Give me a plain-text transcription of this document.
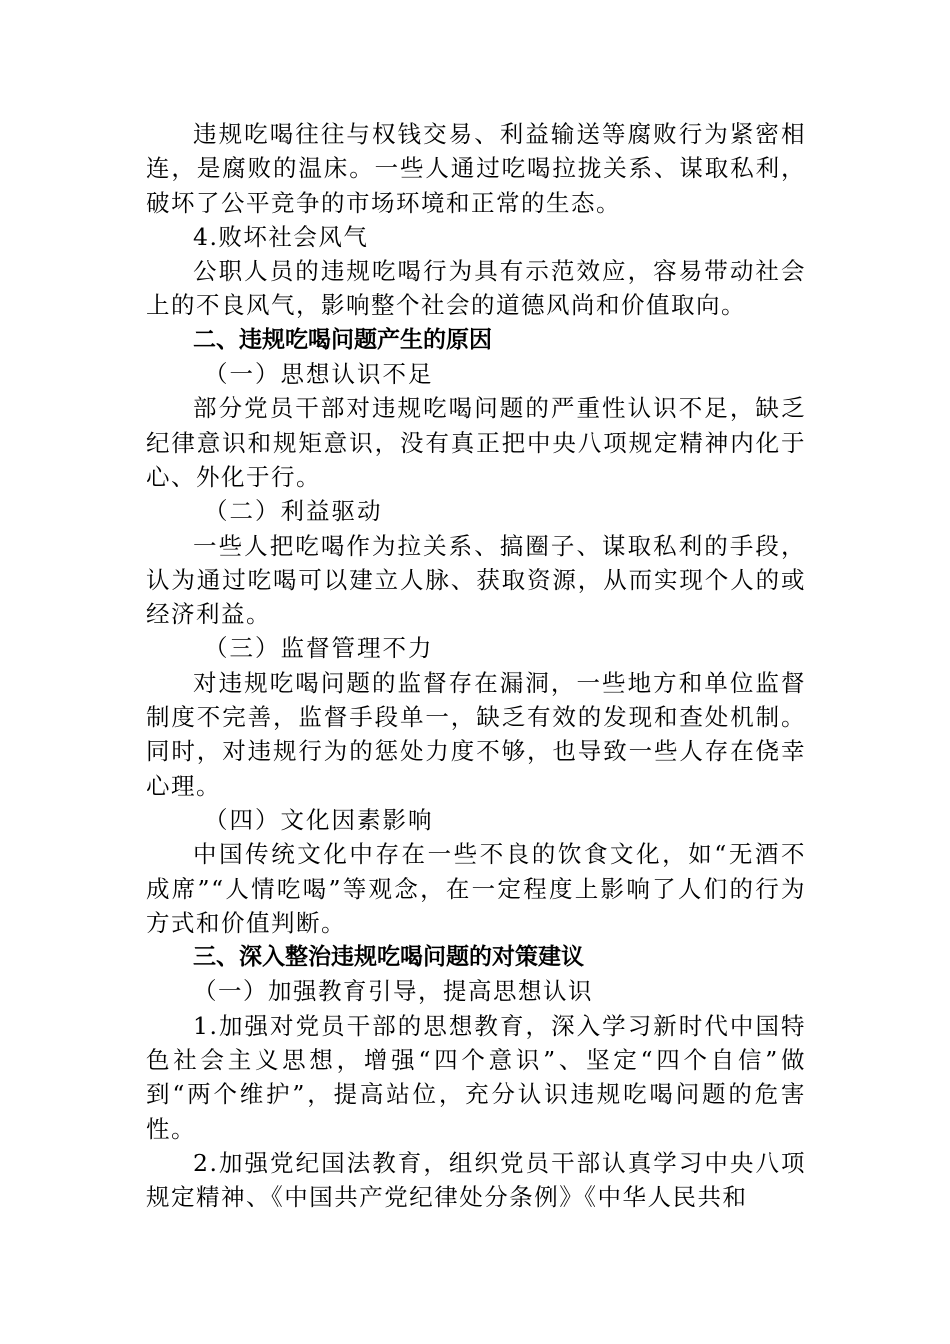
违规吃喝往往与权钱交易、利益输送等腐败行为紧密相连，是腐败的温床。一些人通过吃喝拉拢关系、谋取私利，破坏了公平竞争的市场环境和正常的生态。

4.败坏社会风气

公职人员的违规吃喝行为具有示范效应，容易带动社会上的不良风气，影响整个社会的道德风尚和价值取向。

二、违规吃喝问题产生的原因

（一）思想认识不足

部分党员干部对违规吃喝问题的严重性认识不足，缺乏纪律意识和规矩意识，没有真正把中央八项规定精神内化于心、外化于行。

（二）利益驱动

一些人把吃喝作为拉关系、搞圈子、谋取私利的手段，认为通过吃喝可以建立人脉、获取资源，从而实现个人的或经济利益。

（三）监督管理不力

对违规吃喝问题的监督存在漏洞，一些地方和单位监督制度不完善，监督手段单一，缺乏有效的发现和查处机制。同时，对违规行为的惩处力度不够，也导致一些人存在侥幸心理。

（四）文化因素影响

中国传统文化中存在一些不良的饮食文化，如“无酒不成席”“人情吃喝”等观念，在一定程度上影响了人们的行为方式和价值判断。

三、深入整治违规吃喝问题的对策建议

（一）加强教育引导，提高思想认识

1.加强对党员干部的思想教育，深入学习新时代中国特色社会主义思想，增强“四个意识”、坚定“四个自信”做到“两个维护”，提高站位，充分认识违规吃喝问题的危害性。

2.加强党纪国法教育，组织党员干部认真学习中央八项规定精神、《中国共产党纪律处分条例》《中华人民共和
